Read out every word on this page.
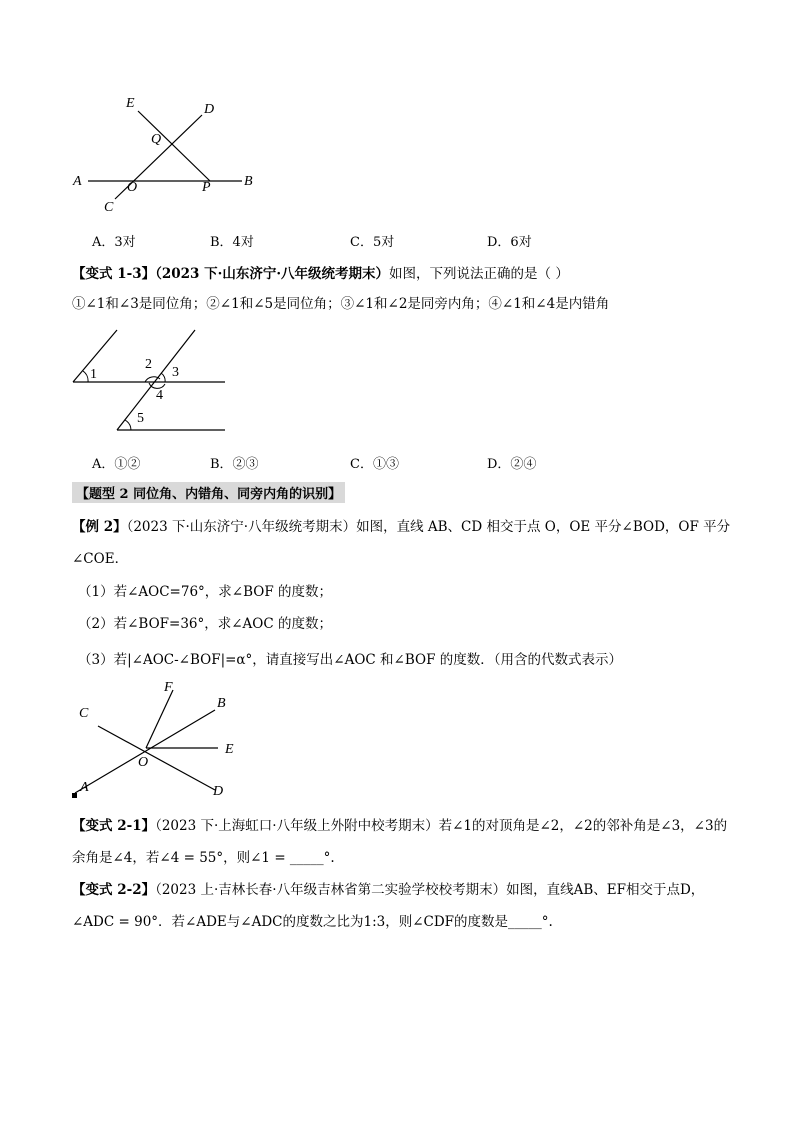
E	D
Q
A	O	P B
C
A．3对	B．4对	C．5对	D．6对
【变式 1-3】（2023 下·山东济宁·八年级统考期末）如图，下列说法正确的是（ ）
①∠1和∠3是同位角；②∠1和∠5是同位角；③∠1和∠2是同旁内角；④∠1和∠4是内错角
1
2
3
4
5
A．①②	B．②③	C．①③	D．②④
【题型 2 同位角、内错角、同旁内角的识别】
【例 2】（2023 下·山东济宁·八年级统考期末）如图，直线 AB、CD 相交于点 O，OE 平分∠BOD，OF 平分
∠COE．
（1）若∠AOC=76°，求∠BOF 的度数；
（2）若∠BOF=36°，求∠AOC 的度数；
（3）若|∠AOC-∠BOF|=α°，请直接写出∠AOC 和∠BOF 的度数．（用含的代数式表示）
F
B
C
E
O
A	D
【变式 2-1】（2023 下·上海虹口·八年级上外附中校考期末）若∠1的对顶角是∠2，∠2的邻补角是∠3，∠3的
余角是∠4，若∠4 = 55°，则∠1 = _____°.
【变式 2-2】（2023 上·吉林长春·八年级吉林省第二实验学校校考期末）如图，直线AB、EF相交于点D，
∠ADC = 90°．若∠ADE与∠ADC的度数之比为1:3，则∠CDF的度数是_____°.
